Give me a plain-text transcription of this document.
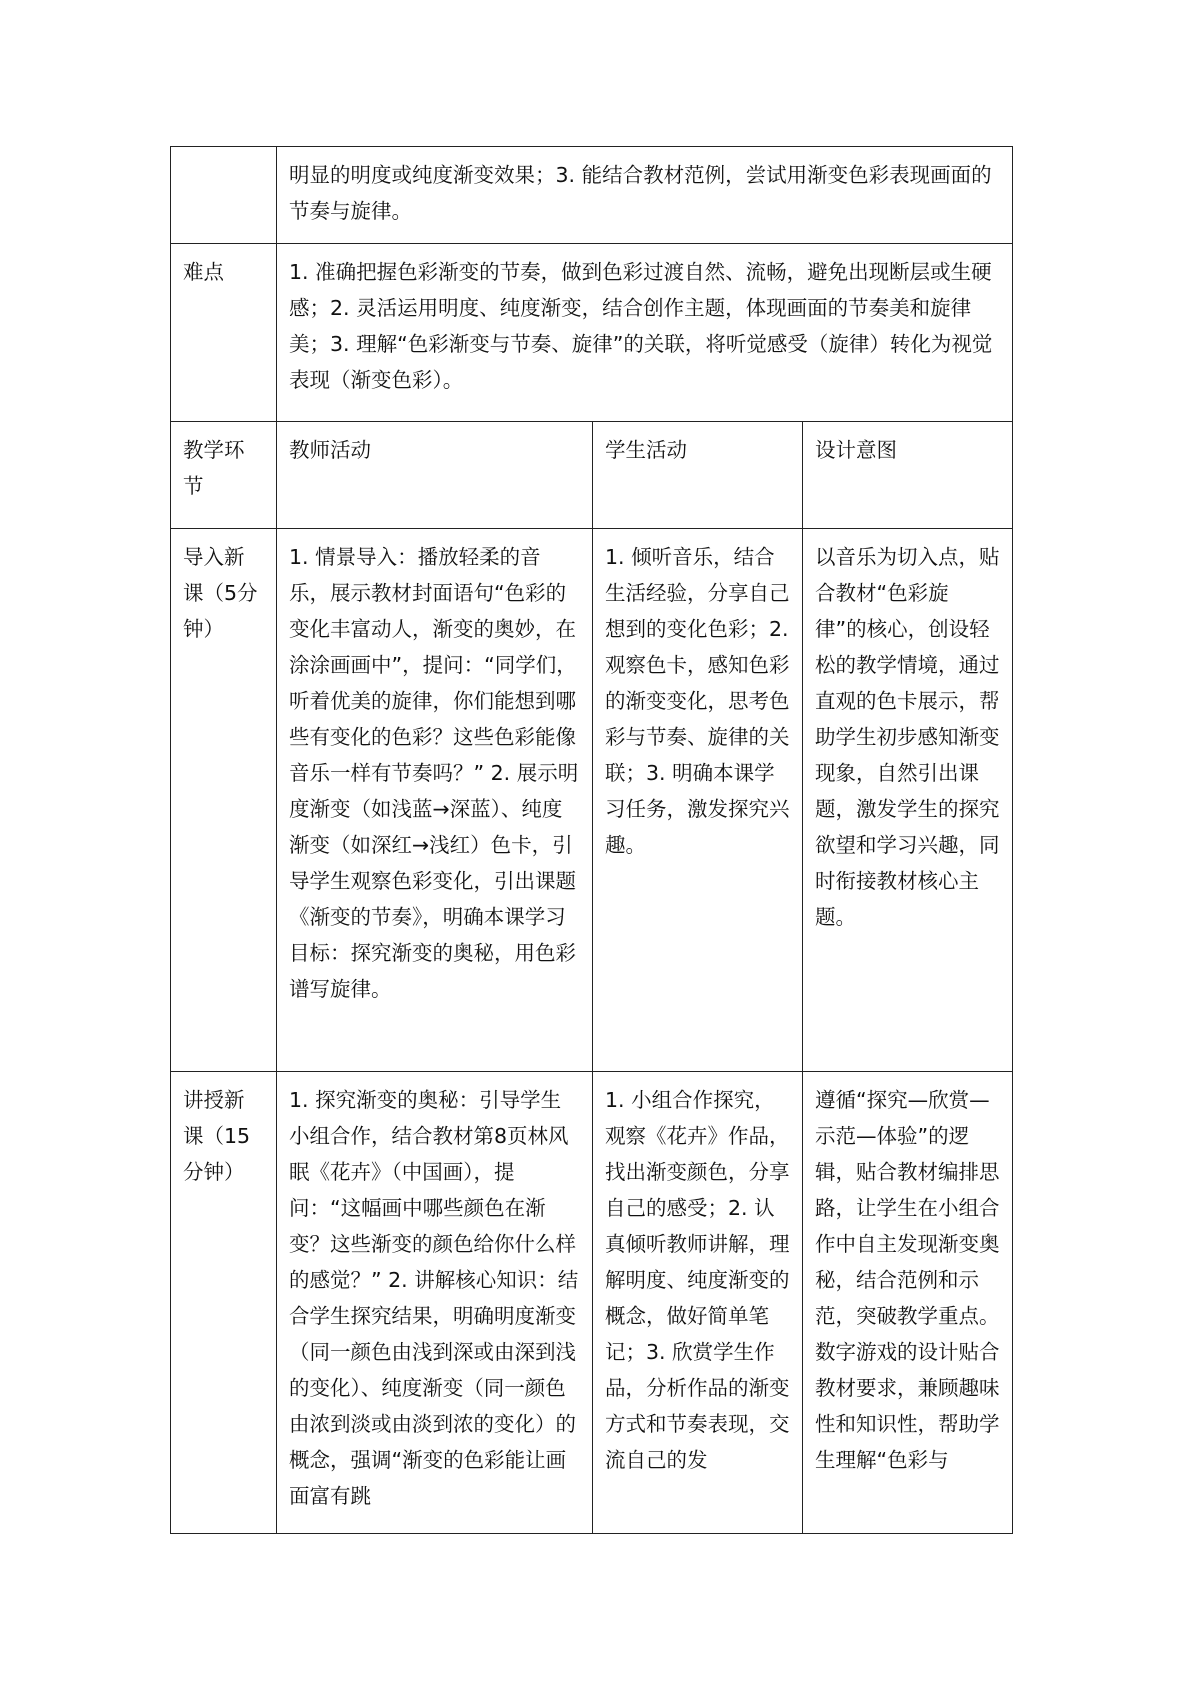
	明显的明度或纯度渐变效果；3. 能结合教材范例，尝试用渐变色彩表现画面的节奏与旋律。		
难点	1. 准确把握色彩渐变的节奏，做到色彩过渡自然、流畅，避免出现断层或生硬感；2. 灵活运用明度、纯度渐变，结合创作主题，体现画面的节奏美和旋律美；3. 理解“色彩渐变与节奏、旋律”的关联，将听觉感受（旋律）转化为视觉表现（渐变色彩）。		
教学环节	教师活动	学生活动	设计意图
导入新课（5分钟）	1. 情景导入：播放轻柔的音乐，展示教材封面语句“色彩的变化丰富动人，渐变的奥妙，在涂涂画画中”，提问：“同学们，听着优美的旋律，你们能想到哪些有变化的色彩？这些色彩能像音乐一样有节奏吗？” 2. 展示明度渐变（如浅蓝→深蓝）、纯度渐变（如深红→浅红）色卡，引导学生观察色彩变化，引出课题《渐变的节奏》，明确本课学习目标：探究渐变的奥秘，用色彩谱写旋律。	1. 倾听音乐，结合生活经验，分享自己想到的变化色彩；2. 观察色卡，感知色彩的渐变变化，思考色彩与节奏、旋律的关联；3. 明确本课学习任务，激发探究兴趣。	以音乐为切入点，贴合教材“色彩旋律”的核心，创设轻松的教学情境，通过直观的色卡展示，帮助学生初步感知渐变现象，自然引出课题，激发学生的探究欲望和学习兴趣，同时衔接教材核心主题。
讲授新课（15分钟）	1. 探究渐变的奥秘：引导学生小组合作，结合教材第8页林风眠《花卉》（中国画），提问：“这幅画中哪些颜色在渐变？这些渐变的颜色给你什么样的感觉？” 2. 讲解核心知识：结合学生探究结果，明确明度渐变（同一颜色由浅到深或由深到浅的变化）、纯度渐变（同一颜色由浓到淡或由淡到浓的变化）的概念，强调“渐变的色彩能让画面富有跳	1. 小组合作探究，观察《花卉》作品，找出渐变颜色，分享自己的感受；2. 认真倾听教师讲解，理解明度、纯度渐变的概念，做好简单笔记；3. 欣赏学生作品，分析作品的渐变方式和节奏表现，交流自己的发	遵循“探究—欣赏—示范—体验”的逻辑，贴合教材编排思路，让学生在小组合作中自主发现渐变奥秘，结合范例和示范，突破教学重点。数字游戏的设计贴合教材要求，兼顾趣味性和知识性，帮助学生理解“色彩与
